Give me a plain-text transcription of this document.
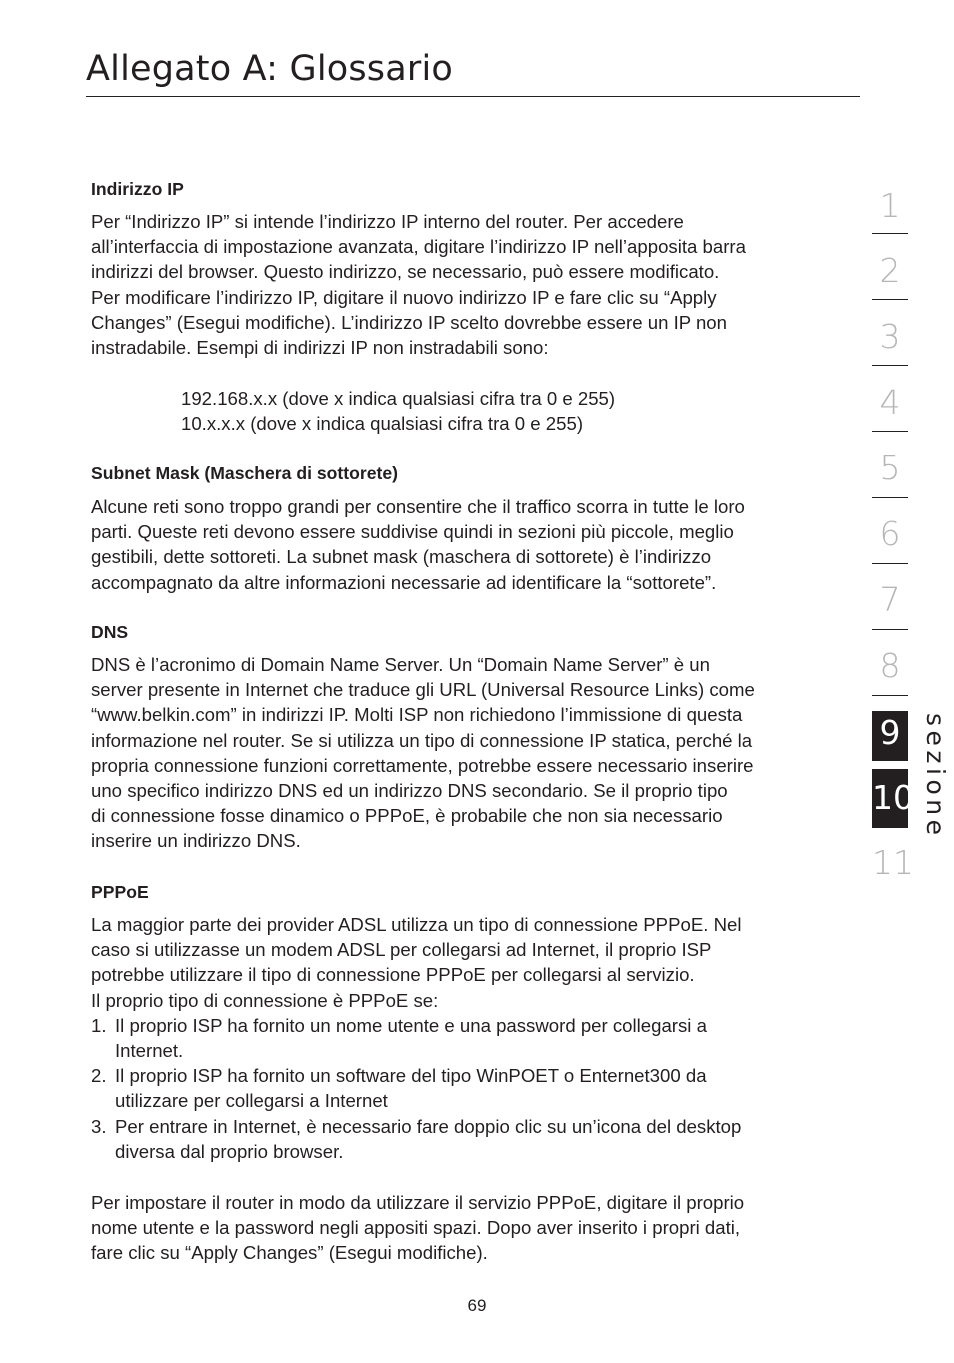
Allegato A: Glossario
Indirizzo IP
Per “Indirizzo IP” si intende l’indirizzo IP interno del router. Per accedere
all’interfaccia di impostazione avanzata, digitare l’indirizzo IP nell’apposita barra
indirizzi del browser. Questo indirizzo, se necessario, può essere modificato.
Per modificare l’indirizzo IP, digitare il nuovo indirizzo IP e fare clic su “Apply
Changes” (Esegui modifiche). L’indirizzo IP scelto dovrebbe essere un IP non
instradabile. Esempi di indirizzi IP non instradabili sono:
192.168.x.x (dove x indica qualsiasi cifra tra 0 e 255)
10.x.x.x (dove x indica qualsiasi cifra tra 0 e 255)
Subnet Mask (Maschera di sottorete)
Alcune reti sono troppo grandi per consentire che il traffico scorra in tutte le loro
parti. Queste reti devono essere suddivise quindi in sezioni più piccole, meglio
gestibili, dette sottoreti. La subnet mask (maschera di sottorete) è l’indirizzo
accompagnato da altre informazioni necessarie ad identificare la “sottorete”.
DNS
DNS è l’acronimo di Domain Name Server. Un “Domain Name Server” è un
server presente in Internet che traduce gli URL (Universal Resource Links) come
“www.belkin.com” in indirizzi IP. Molti ISP non richiedono l’immissione di questa
informazione nel router. Se si utilizza un tipo di connessione IP statica, perché la
propria connessione funzioni correttamente, potrebbe essere necessario inserire
uno specifico indirizzo DNS ed un indirizzo DNS secondario. Se il proprio tipo
di connessione fosse dinamico o PPPoE, è probabile che non sia necessario
inserire un indirizzo DNS.
PPPoE
La maggior parte dei provider ADSL utilizza un tipo di connessione PPPoE. Nel
caso si utilizzasse un modem ADSL per collegarsi ad Internet, il proprio ISP
potrebbe utilizzare il tipo di connessione PPPoE per collegarsi al servizio.
Il proprio tipo di connessione è PPPoE se:
1. Il proprio ISP ha fornito un nome utente e una password per collegarsi a
Internet.
2. Il proprio ISP ha fornito un software del tipo WinPOET o Enternet300 da
utilizzare per collegarsi a Internet
3. Per entrare in Internet, è necessario fare doppio clic su un’icona del desktop
diversa dal proprio browser.
Per impostare il router in modo da utilizzare il servizio PPPoE, digitare il proprio
nome utente e la password negli appositi spazi. Dopo aver inserito i propri dati,
fare clic su “Apply Changes” (Esegui modifiche).
1
2
3
4
5
6
7
8
9
10
11
sezione
69
